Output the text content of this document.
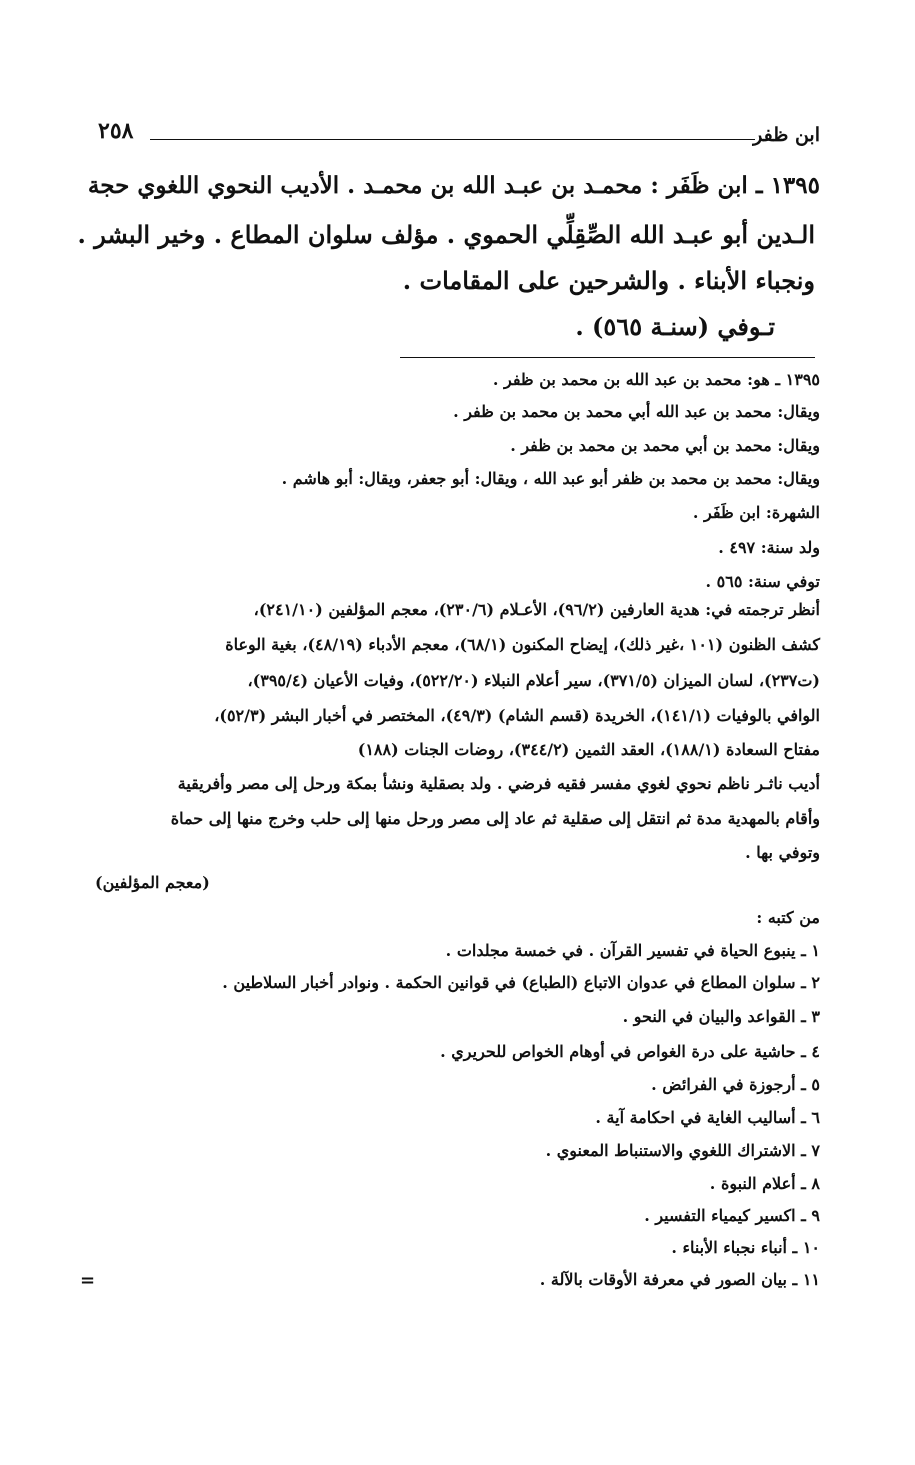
ابن ظفر
٢٥٨
١٣٩٥ ـ ابن ظَفَر : محمـد بن عبـد الله بن محمـد . الأديب النحوي اللغوي حجة
الـدين أبو عبـد الله الصِّقِلِّي الحموي . مؤلف سلوان المطاع . وخير البشر .
ونجباء الأبناء . والشرحين على المقامات .
تـوفي (سنـة ٥٦٥) .
١٣٩٥ ـ هو: محمد بن عبد الله بن محمد بن ظفر .
ويقال: محمد بن عبد الله أبي محمد بن محمد بن ظفر .
ويقال: محمد بن أبي محمد بن محمد بن ظفر .
ويقال: محمد بن محمد بن ظفر أبو عبد الله ، ويقال: أبو جعفر، ويقال: أبو هاشم .
الشهرة: ابن ظَفَر .
ولد سنة: ٤٩٧ .
توفي سنة: ٥٦٥ .
أنظر ترجمته في: هدية العارفين (٩٦/٢)، الأعـلام (٢٣٠/٦)، معجم المؤلفين (٢٤١/١٠)،
كشف الظنون (١٠١ ،غير ذلك)، إيضاح المكنون (٦٨/١)، معجم الأدباء (٤٨/١٩)، بغية الوعاة
(ت٢٣٧)، لسان الميزان (٣٧١/٥)، سير أعلام النبلاء (٥٢٢/٢٠)، وفيات الأعيان (٣٩٥/٤)،
الوافي بالوفيات (١٤١/١)، الخريدة (قسم الشام) (٤٩/٣)، المختصر في أخبار البشر (٥٢/٣)،
مفتاح السعادة (١٨٨/١)، العقد الثمين (٣٤٤/٢)، روضات الجنات (١٨٨)
أديب ناثـر ناظم نحوي لغوي مفسر فقيه فرضي . ولد بصقلية ونشأ بمكة ورحل إلى مصر وأفريقية
وأقام بالمهدية مدة ثم انتقل إلى صقلية ثم عاد إلى مصر ورحل منها إلى حلب وخرج منها إلى حماة
وتوفي بها .
(معجم المؤلفين)
من كتبه :
١ ـ ينبوع الحياة في تفسير القرآن . في خمسة مجلدات .
٢ ـ سلوان المطاع في عدوان الاتباع (الطباع) في قوانين الحكمة . ونوادر أخبار السلاطين .
٣ ـ القواعد والبيان في النحو .
٤ ـ حاشية على درة الغواص في أوهام الخواص للحريري .
٥ ـ أرجوزة في الفرائض .
٦ ـ أساليب الغاية في احكامة آية .
٧ ـ الاشتراك اللغوي والاستنباط المعنوي .
٨ ـ أعلام النبوة .
٩ ـ اكسير كيمياء التفسير .
١٠ ـ أنباء نجباء الأبناء .
١١ ـ بيان الصور في معرفة الأوقات بالآلة .
=
